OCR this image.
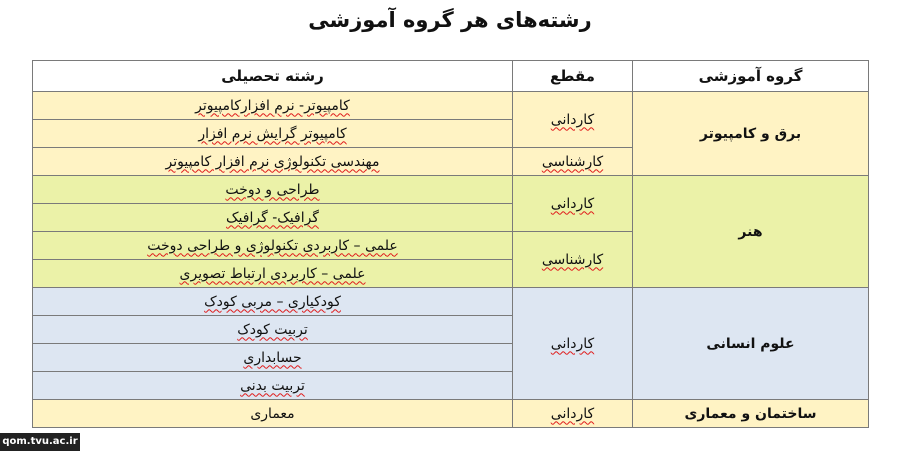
رشته‌های هر گروه آموزشی
گروه آموزشی	مقطع	رشته تحصیلی
برق و کامپیوتر	کاردانی	کامپیوتر- نرم افزارکامپیوتر
		کامپیوتر گرایش نرم افزار
	کارشناسی	مهندسی تکنولوژی نرم افزار کامپیوتر
هنر	کاردانی	طراحی و دوخت
		گرافیک- گرافیک
	کارشناسی	علمی – کاربردی تکنولوژی و طراحی دوخت
		علمی – کاربردی ارتباط تصویری
علوم انسانی	کاردانی	کودکیاری – مربی کودک
		تربیت کودک
		حسابداری
		تربیت بدنی
ساختمان و معماری	کاردانی	معماری
qom.tvu.ac.ir
